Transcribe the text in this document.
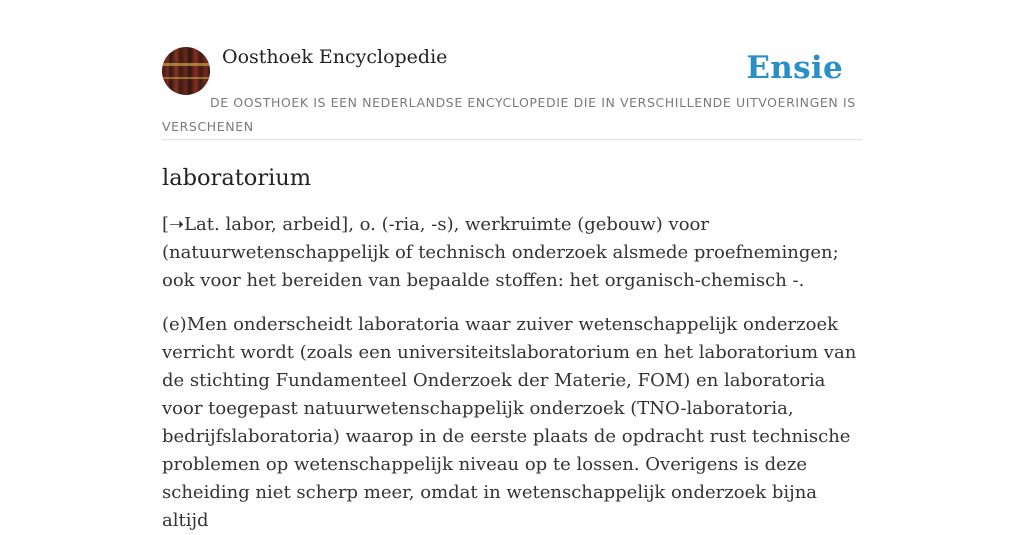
Oosthoek Encyclopedie	Ensie
DE OOSTHOEK IS EEN NEDERLANDSE ENCYCLOPEDIE DIE IN VERSCHILLENDE UITVOERINGEN IS VERSCHENEN
laboratorium

[➝Lat. labor, arbeid], o. (-ria, -s), werkruimte (gebouw) voor (natuurwetenschappelijk of technisch onderzoek alsmede proefnemingen; ook voor het bereiden van bepaalde stoffen: het organisch-chemisch -.

(e)Men onderscheidt laboratoria waar zuiver wetenschappelijk onderzoek verricht wordt (zoals een universiteitslaboratorium en het laboratorium van de stichting Fundamenteel Onderzoek der Materie, FOM) en laboratoria voor toegepast natuurwetenschappelijk onderzoek (TNO-laboratoria, bedrijfslaboratoria) waarop in de eerste plaats de opdracht rust technische problemen op wetenschappelijk niveau op te lossen. Overigens is deze scheiding niet scherp meer, omdat in wetenschappelijk onderzoek bijna altijd
